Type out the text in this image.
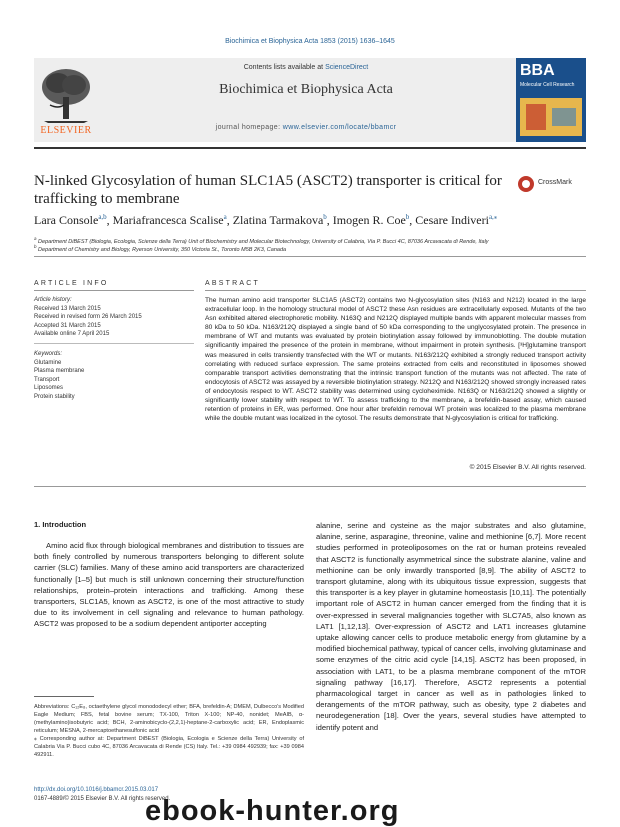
Biochimica et Biophysica Acta 1853 (2015) 1636–1645
ELSEVIER
Contents lists available at ScienceDirect
Biochimica et Biophysica Acta
journal homepage: www.elsevier.com/locate/bbamcr
BBA
Molecular Cell Research
N-linked Glycosylation of human SLC1A5 (ASCT2) transporter is critical for trafficking to membrane
CrossMark
Lara Console$^{a,b}$, Mariafrancesca Scalise$^a$, Zlatina Tarmakova$^b$, Imogen R. Coe$^b$, Cesare Indiveri$^{a,⁎}$
$^a$ Department DiBEST (Biologia, Ecologia, Scienze della Terra) Unit of Biochemistry and Molecular Biotechnology, University of Calabria, Via P. Bucci 4C, 87036 Arcavacata di Rende, Italy
$^b$ Department of Chemistry and Biology, Ryerson University, 350 Victoria St., Toronto M5B 2K3, Canada
ARTICLE INFO	ABSTRACT
Article history:
Received 13 March 2015
Received in revised form 26 March 2015
Accepted 31 March 2015
Available online 7 April 2015
Keywords:
Glutamine
Plasma membrane
Transport
Liposomes
Protein stability
The human amino acid transporter SLC1A5 (ASCT2) contains two N-glycosylation sites (N163 and N212) located in the large extracellular loop. In the homology structural model of ASCT2 these Asn residues are extracellularly exposed. Mutants of the two Asn exhibited altered electrophoretic mobility. N163Q and N212Q displayed multiple bands with apparent molecular masses from 80 kDa to 50 kDa. N163/212Q displayed a single band of 50 kDa corresponding to the unglycosylated protein. The presence in membrane of WT and mutants was evaluated by protein biotinylation assay followed by immunoblotting. The double mutation significantly impaired the presence of the protein in membrane, without impairment in protein synthesis. [³H]glutamine transport was measured in cells transiently transfected with the WT or mutants. N163/212Q exhibited a strongly reduced transport activity correlating with reduced surface expression. The same proteins extracted from cells and reconstituted in liposomes showed comparable transport activities demonstrating that the intrinsic transport function of the mutants was not affected. The rate of endocytosis of ASCT2 was assayed by a reversible biotinylation strategy. N212Q and N163/212Q showed strongly increased rates of endocytosis respect to WT. ASCT2 stability was determined using cycloheximide. N163Q or N163/212Q showed a slightly or significantly lower stability with respect to WT. To assess trafficking to the membrane, a brefeldin-based assay, which caused retention of proteins in ER, was performed. One hour after brefeldin removal WT protein was localized to the plasma membrane while the double mutant was localized in the cytosol. The results demonstrate that N-glycosylation is critical for trafficking.
© 2015 Elsevier B.V. All rights reserved.
1. Introduction
Amino acid flux through biological membranes and distribution to tissues are both finely controlled by numerous transporters belonging to different solute carrier (SLC) families. Many of these amino acid transporters are characterized functionally [1–5] but much is still unknown concerning their structure/function relationships, protein–protein interactions and trafficking. Among these transporters, SLC1A5, known as ASCT2, is one of the most attractive to study due to its involvement in cell signaling and relevance to human pathology. ASCT2 was proposed to be a sodium dependent antiporter accepting
alanine, serine and cysteine as the major substrates and also glutamine, alanine, serine, asparagine, threonine, valine and methionine [6,7]. More recent studies performed in proteoliposomes on the rat or human proteins revealed that ASCT2 is functionally asymmetrical since the substrate alanine, valine and methionine can be only inwardly transported [8,9]. The ability of ASCT2 to transport glutamine, along with its ubiquitous tissue expression, suggests that this transporter is a key player in glutamine homeostasis [10,11]. The potentially important role of ASCT2 in human cancer emerged from the finding that it is over-expressed in several malignancies together with SLC7A5, also known as LAT1 [1,12,13]. Over-expression of ASCT2 and LAT1 increases glutamine uptake allowing cancer cells to produce metabolic energy from glutamine by a modified biochemical pathway, typical of cancer cells, involving glutaminase and some enzymes of the citric acid cycle [14,15]. ASCT2 has been proposed, in association with LAT1, to be a plasma membrane component of the mTOR signaling pathway [16,17]. Therefore, ASCT2 represents a potential pharmacological target in cancer as well as in pathologies linked to derangements of the mTOR pathway, such as obesity, type 2 diabetes and neurodegeneration [18]. Over the years, several studies have attempted to identify potent and
Abbreviations: C₁₂E₈, octaethylene glycol monododecyl ether; BFA, brefeldin-A; DMEM, Dulbecco's Modified Eagle Medium; FBS, fetal bovine serum; TX-100, Triton X-100; NP-40, nonidet; MeAIB, α-(methylamino)isobutyric acid; BCH, 2-aminobicyclo-(2,2,1)-heptane-2-carboxylic acid; ER, Endoplasmic reticulum; MESNA, 2-mercaptoethanesulfonic acid
⁎ Corresponding author at: Department DiBEST (Biologia, Ecologia e Scienze della Terra) University of Calabria Via P. Bucci cubo 4C, 87036 Arcavacata di Rende (CS) Italy. Tel.: +39 0984 492939; fax: +39 0984 492911.
http://dx.doi.org/10.1016/j.bbamcr.2015.03.017
0167-4889/© 2015 Elsevier B.V. All rights reserved.
ebook-hunter.org
